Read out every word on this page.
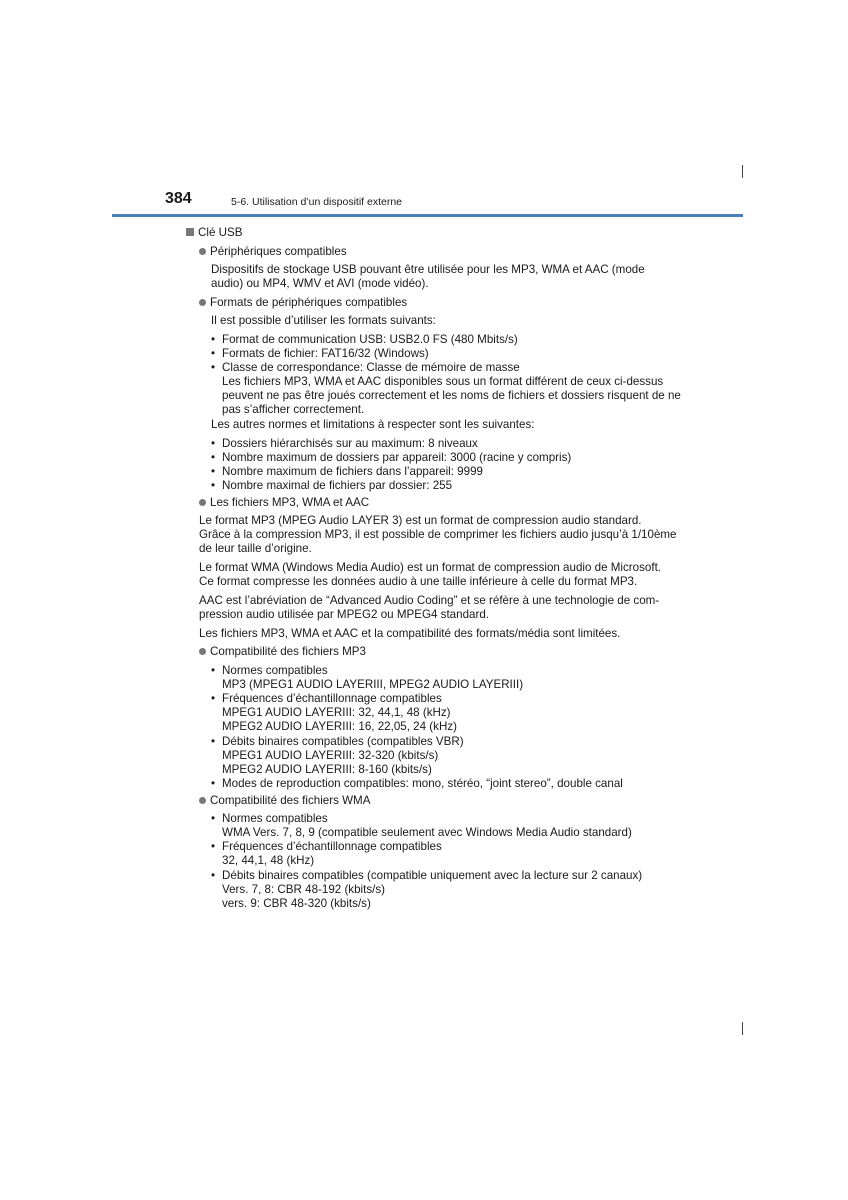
384	5-6. Utilisation d’un dispositif externe
Clé USB
Périphériques compatibles
Dispositifs de stockage USB pouvant être utilisée pour les MP3, WMA et AAC (mode
audio) ou MP4, WMV et AVI (mode vidéo).
Formats de périphériques compatibles
Il est possible d’utiliser les formats suivants:
• Format de communication USB: USB2.0 FS (480 Mbits/s)
• Formats de fichier: FAT16/32 (Windows)
• Classe de correspondance: Classe de mémoire de masse
Les fichiers MP3, WMA et AAC disponibles sous un format différent de ceux ci-dessus
peuvent ne pas être joués correctement et les noms de fichiers et dossiers risquent de ne
pas s’afficher correctement.
Les autres normes et limitations à respecter sont les suivantes:
• Dossiers hiérarchisés sur au maximum: 8 niveaux
• Nombre maximum de dossiers par appareil: 3000 (racine y compris)
• Nombre maximum de fichiers dans l’appareil: 9999
• Nombre maximal de fichiers par dossier: 255
Les fichiers MP3, WMA et AAC
Le format MP3 (MPEG Audio LAYER 3) est un format de compression audio standard.
Grâce à la compression MP3, il est possible de comprimer les fichiers audio jusqu’à 1/10ème
de leur taille d’origine.
Le format WMA (Windows Media Audio) est un format de compression audio de Microsoft.
Ce format compresse les données audio à une taille inférieure à celle du format MP3.
AAC est l’abréviation de “Advanced Audio Coding” et se réfère à une technologie de com-
pression audio utilisée par MPEG2 ou MPEG4 standard.
Les fichiers MP3, WMA et AAC et la compatibilité des formats/média sont limitées.
Compatibilité des fichiers MP3
• Normes compatibles
MP3 (MPEG1 AUDIO LAYERIII, MPEG2 AUDIO LAYERIII)
• Fréquences d’échantillonnage compatibles
MPEG1 AUDIO LAYERIII: 32, 44,1, 48 (kHz)
MPEG2 AUDIO LAYERIII: 16, 22,05, 24 (kHz)
• Débits binaires compatibles (compatibles VBR)
MPEG1 AUDIO LAYERIII: 32-320 (kbits/s)
MPEG2 AUDIO LAYERIII: 8-160 (kbits/s)
• Modes de reproduction compatibles: mono, stéréo, “joint stereo”, double canal
Compatibilité des fichiers WMA
• Normes compatibles
WMA Vers. 7, 8, 9 (compatible seulement avec Windows Media Audio standard)
• Fréquences d’échantillonnage compatibles
32, 44,1, 48 (kHz)
• Débits binaires compatibles (compatible uniquement avec la lecture sur 2 canaux)
Vers. 7, 8: CBR 48-192 (kbits/s)
vers. 9: CBR 48-320 (kbits/s)
